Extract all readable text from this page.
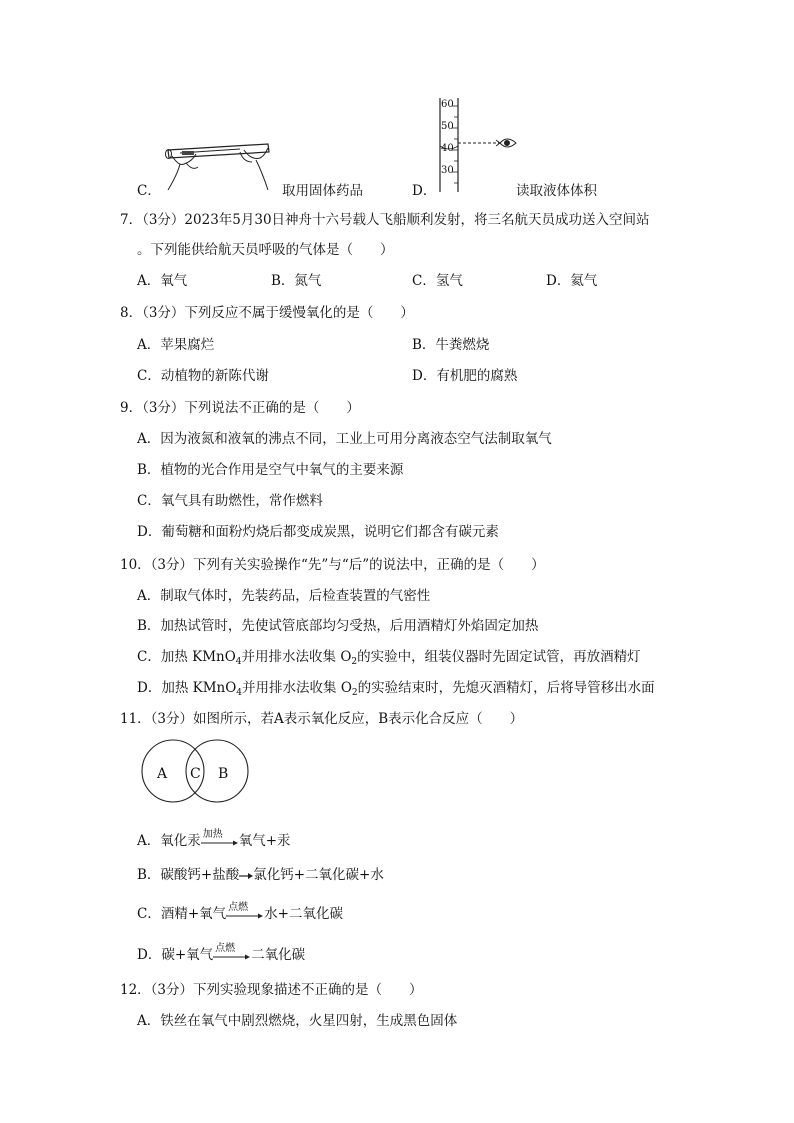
C．	取用固体药品
60
50
40
30
D．	读取液体体积
7．（3分）2023年5月30日神舟十六号载人飞船顺利发射，将三名航天员成功送入空间站
。下列能供给航天员呼吸的气体是（　　）
A．氧气	B．氮气	C．氢气	D．氦气
8．（3分）下列反应不属于缓慢氧化的是（　　）
A．苹果腐烂	B．牛粪燃烧
C．动植物的新陈代谢	D．有机肥的腐熟
9．（3分）下列说法不正确的是（　　）
A．因为液氮和液氧的沸点不同，工业上可用分离液态空气法制取氧气
B．植物的光合作用是空气中氧气的主要来源
C．氧气具有助燃性，常作燃料
D．葡萄糖和面粉灼烧后都变成炭黑，说明它们都含有碳元素
10．（3分）下列有关实验操作“先”与“后”的说法中，正确的是（　　）
A．制取气体时，先装药品，后检查装置的气密性
B．加热试管时，先使试管底部均匀受热，后用酒精灯外焰固定加热
C．加热 KMnO$_4$并用排水法收集 $O_2$的实验中，组装仪器时先固定试管，再放酒精灯
D．加热 KMnO$_4$并用排水法收集 $O_2$的实验结束时，先熄灭酒精灯，后将导管移出水面
11．（3分）如图所示，若A表示氧化反应，B表示化合反应（　　）
A C B
A．氧化汞 加热 氧气+汞
B．碳酸钙+盐酸→氯化钙+二氧化碳+水
C．酒精+氧气 点燃 水+二氧化碳
D．碳+氧气 点燃 二氧化碳
12．（3分）下列实验现象描述不正确的是（　　）
A．铁丝在氧气中剧烈燃烧，火星四射，生成黑色固体
